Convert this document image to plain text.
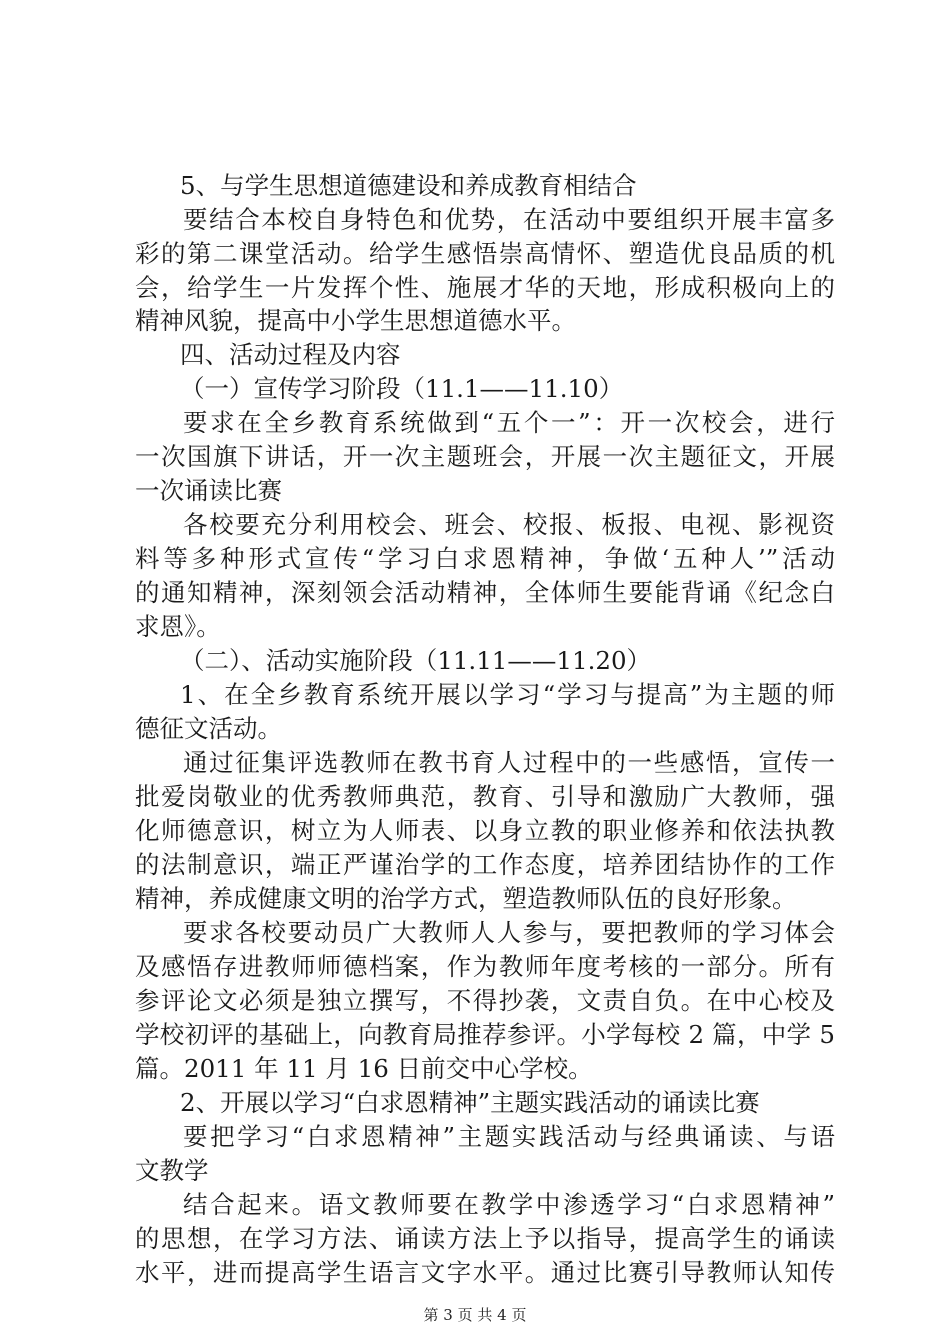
5、与学生思想道德建设和养成教育相结合
要结合本校自身特色和优势，在活动中要组织开展丰富多
彩的第二课堂活动。给学生感悟崇高情怀、塑造优良品质的机
会，给学生一片发挥个性、施展才华的天地，形成积极向上的
精神风貌，提高中小学生思想道德水平。
四、活动过程及内容
（一）宣传学习阶段（11.1——11.10）
要求在全乡教育系统做到“五个一”：开一次校会，进行
一次国旗下讲话，开一次主题班会，开展一次主题征文，开展
一次诵读比赛
各校要充分利用校会、班会、校报、板报、电视、影视资
料等多种形式宣传“学习白求恩精神，争做‘五种人’”活动
的通知精神，深刻领会活动精神，全体师生要能背诵《纪念白
求恩》。
（二）、活动实施阶段（11.11——11.20）
1、在全乡教育系统开展以学习“学习与提高”为主题的师
德征文活动。
通过征集评选教师在教书育人过程中的一些感悟，宣传一
批爱岗敬业的优秀教师典范，教育、引导和激励广大教师，强
化师德意识，树立为人师表、以身立教的职业修养和依法执教
的法制意识，端正严谨治学的工作态度，培养团结协作的工作
精神，养成健康文明的治学方式，塑造教师队伍的良好形象。
要求各校要动员广大教师人人参与，要把教师的学习体会
及感悟存进教师师德档案，作为教师年度考核的一部分。所有
参评论文必须是独立撰写，不得抄袭，文责自负。在中心校及
学校初评的基础上，向教育局推荐参评。小学每校 2 篇，中学 5
篇。2011 年 11 月 16 日前交中心学校。
2、开展以学习“白求恩精神”主题实践活动的诵读比赛
要把学习“白求恩精神”主题实践活动与经典诵读、与语
文教学
结合起来。语文教师要在教学中渗透学习“白求恩精神”
的思想，在学习方法、诵读方法上予以指导，提高学生的诵读
水平，进而提高学生语言文字水平。通过比赛引导教师认知传
第 3 页 共 4 页
